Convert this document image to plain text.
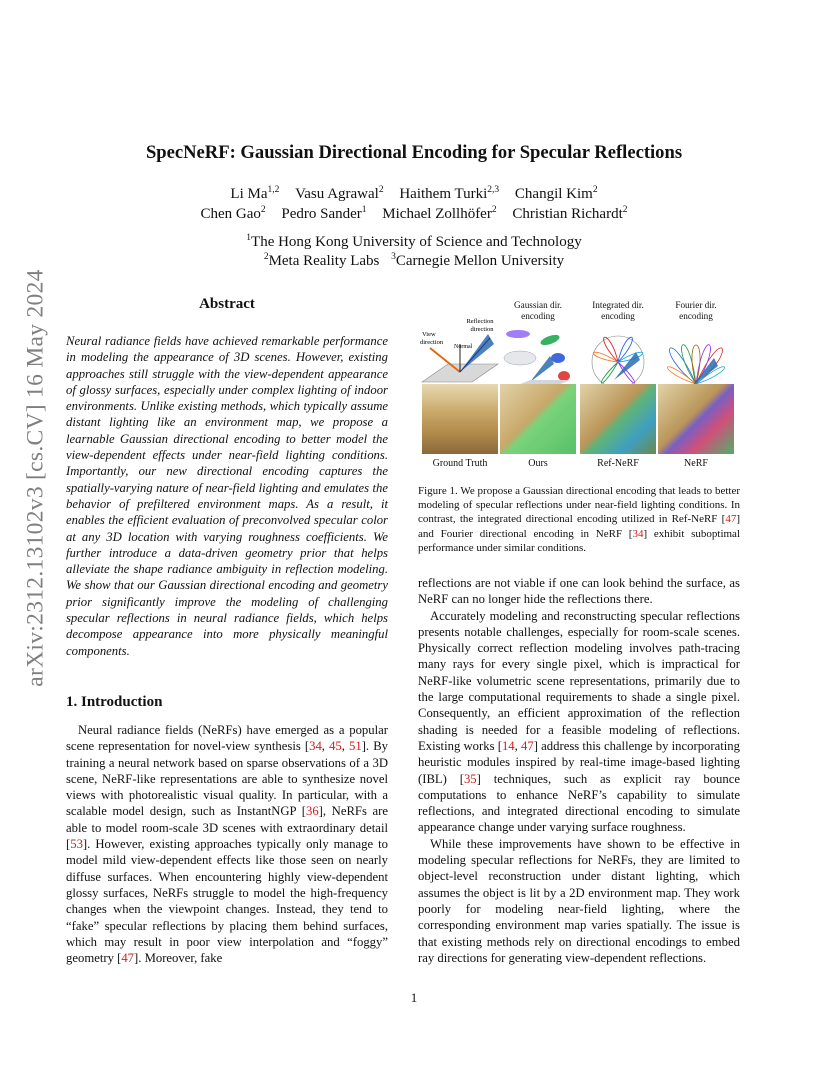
arXiv:2312.13102v3 [cs.CV] 16 May 2024
SpecNeRF: Gaussian Directional Encoding for Specular Reflections
Li Ma$^{1,2}$ Vasu Agrawal$^2$ Haithem Turki$^{2,3}$ Changil Kim$^2$
Chen Gao$^2$ Pedro Sander$^1$ Michael Zollhöfer$^2$ Christian Richardt$^2$
$^1$The Hong Kong University of Science and Technology
$^2$Meta Reality Labs $^3$Carnegie Mellon University
Abstract
Neural radiance fields have achieved remarkable performance in modeling the appearance of 3D scenes. However, existing approaches still struggle with the view-dependent appearance of glossy surfaces, especially under complex lighting of indoor environments. Unlike existing methods, which typically assume distant lighting like an environment map, we propose a learnable Gaussian directional encoding to better model the view-dependent effects under near-field lighting conditions. Importantly, our new directional encoding captures the spatially-varying nature of near-field lighting and emulates the behavior of prefiltered environment maps. As a result, it enables the efficient evaluation of preconvolved specular color at any 3D location with varying roughness coefficients. We further introduce a data-driven geometry prior that helps alleviate the shape radiance ambiguity in reflection modeling. We show that our Gaussian directional encoding and geometry prior significantly improve the modeling of challenging specular reflections in neural radiance fields, which helps decompose appearance into more physically meaningful components.
1. Introduction

Neural radiance fields (NeRFs) have emerged as a popular scene representation for novel-view synthesis [34, 45, 51]. By training a neural network based on sparse observations of a 3D scene, NeRF-like representations are able to synthesize novel views with photorealistic visual quality. In particular, with a scalable model design, such as InstantNGP [36], NeRFs are able to model room-scale 3D scenes with extraordinary detail [53]. However, existing approaches typically only manage to model mild view-dependent effects like those seen on nearly diffuse surfaces. When encountering highly view-dependent glossy surfaces, NeRFs struggle to model the high-frequency changes when the viewpoint changes. Instead, they tend to “fake” specular reflections by placing them behind surfaces, which may result in poor view interpolation and “foggy” geometry [47]. Moreover, fake

Gaussian dir.
encoding
Integrated dir.
encoding
Fourier dir.
encoding
Reflection direction
View direction
Normal
Ground Truth	Ours	Ref-NeRF	NeRF
Figure 1. We propose a Gaussian directional encoding that leads to better modeling of specular reflections under near-field lighting conditions. In contrast, the integrated directional encoding utilized in Ref-NeRF [47] and Fourier directional encoding in NeRF [34] exhibit suboptimal performance under similar conditions.

reflections are not viable if one can look behind the surface, as NeRF can no longer hide the reflections there.

Accurately modeling and reconstructing specular reflections presents notable challenges, especially for room-scale scenes. Physically correct reflection modeling involves path-tracing many rays for every single pixel, which is impractical for NeRF-like volumetric scene representations, primarily due to the large computational requirements to shade a single pixel. Consequently, an efficient approximation of the reflection shading is needed for a feasible modeling of reflections. Existing works [14, 47] address this challenge by incorporating heuristic modules inspired by real-time image-based lighting (IBL) [35] techniques, such as explicit ray bounce computations to enhance NeRF’s capability to simulate reflections, and integrated directional encoding to simulate appearance change under varying surface roughness.

While these improvements have shown to be effective in modeling specular reflections for NeRFs, they are limited to object-level reconstruction under distant lighting, which assumes the object is lit by a 2D environment map. They work poorly for modeling near-field lighting, where the corresponding environment map varies spatially. The issue is that existing methods rely on directional encodings to embed ray directions for generating view-dependent reflections.

1
